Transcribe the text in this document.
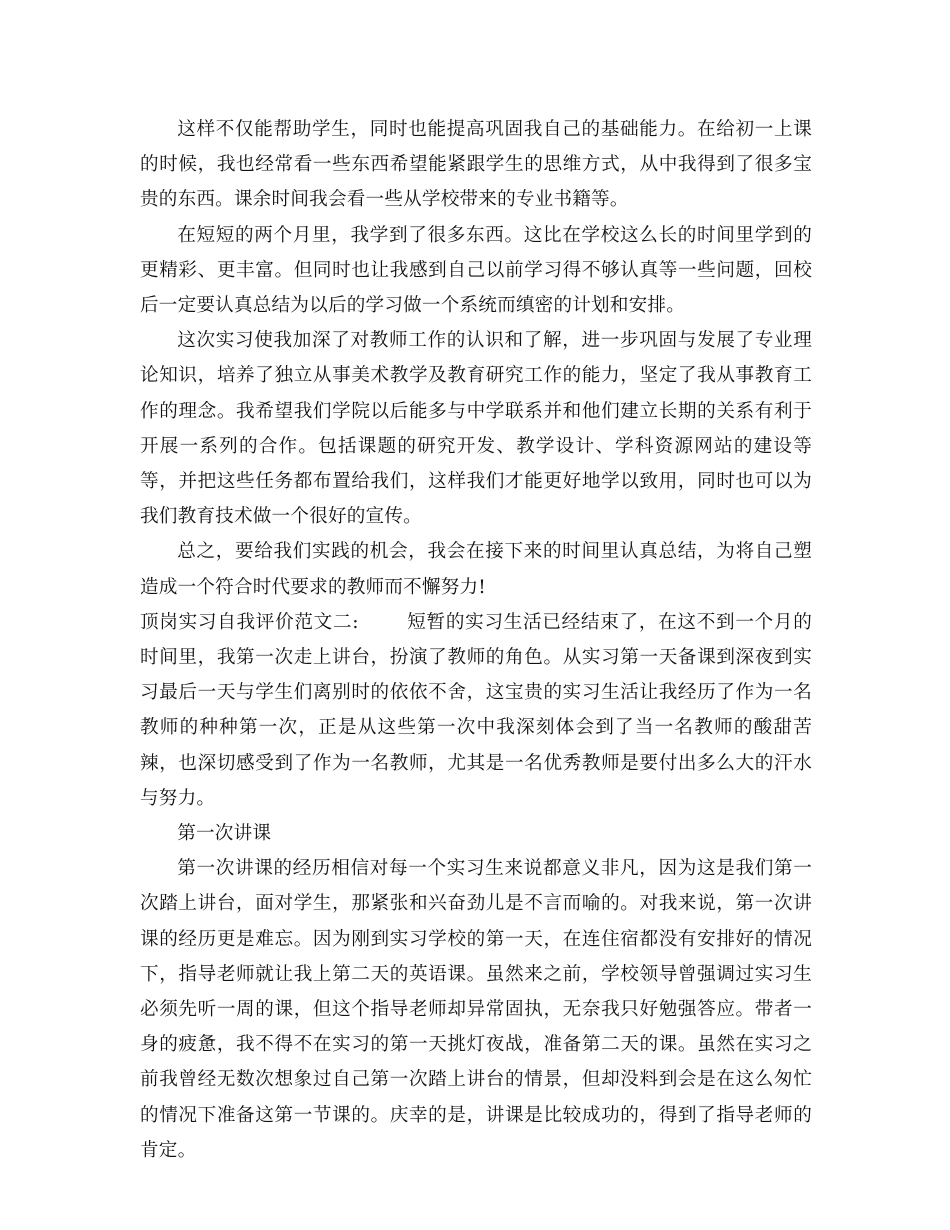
这样不仅能帮助学生，同时也能提高巩固我自己的基础能力。在给初一上课的时候，我也经常看一些东西希望能紧跟学生的思维方式，从中我得到了很多宝贵的东西。课余时间我会看一些从学校带来的专业书籍等。

在短短的两个月里，我学到了很多东西。这比在学校这么长的时间里学到的更精彩、更丰富。但同时也让我感到自己以前学习得不够认真等一些问题，回校后一定要认真总结为以后的学习做一个系统而缜密的计划和安排。

这次实习使我加深了对教师工作的认识和了解，进一步巩固与发展了专业理论知识，培养了独立从事美术教学及教育研究工作的能力，坚定了我从事教育工作的理念。我希望我们学院以后能多与中学联系并和他们建立长期的关系有利于开展一系列的合作。包括课题的研究开发、教学设计、学科资源网站的建设等等，并把这些任务都布置给我们，这样我们才能更好地学以致用，同时也可以为我们教育技术做一个很好的宣传。

总之，要给我们实践的机会，我会在接下来的时间里认真总结，为将自己塑造成一个符合时代要求的教师而不懈努力!

顶岗实习自我评价范文二:	短暂的实习生活已经结束了，在这不到一个月的时间里，我第一次走上讲台，扮演了教师的角色。从实习第一天备课到深夜到实习最后一天与学生们离别时的依依不舍，这宝贵的实习生活让我经历了作为一名教师的种种第一次，正是从这些第一次中我深刻体会到了当一名教师的酸甜苦辣，也深切感受到了作为一名教师，尤其是一名优秀教师是要付出多么大的汗水与努力。

第一次讲课

第一次讲课的经历相信对每一个实习生来说都意义非凡，因为这是我们第一次踏上讲台，面对学生，那紧张和兴奋劲儿是不言而喻的。对我来说，第一次讲课的经历更是难忘。因为刚到实习学校的第一天，在连住宿都没有安排好的情况下，指导老师就让我上第二天的英语课。虽然来之前，学校领导曾强调过实习生必须先听一周的课，但这个指导老师却异常固执，无奈我只好勉强答应。带者一身的疲惫，我不得不在实习的第一天挑灯夜战，准备第二天的课。虽然在实习之前我曾经无数次想象过自己第一次踏上讲台的情景，但却没料到会是在这么匆忙的情况下准备这第一节课的。庆幸的是，讲课是比较成功的，得到了指导老师的肯定。
